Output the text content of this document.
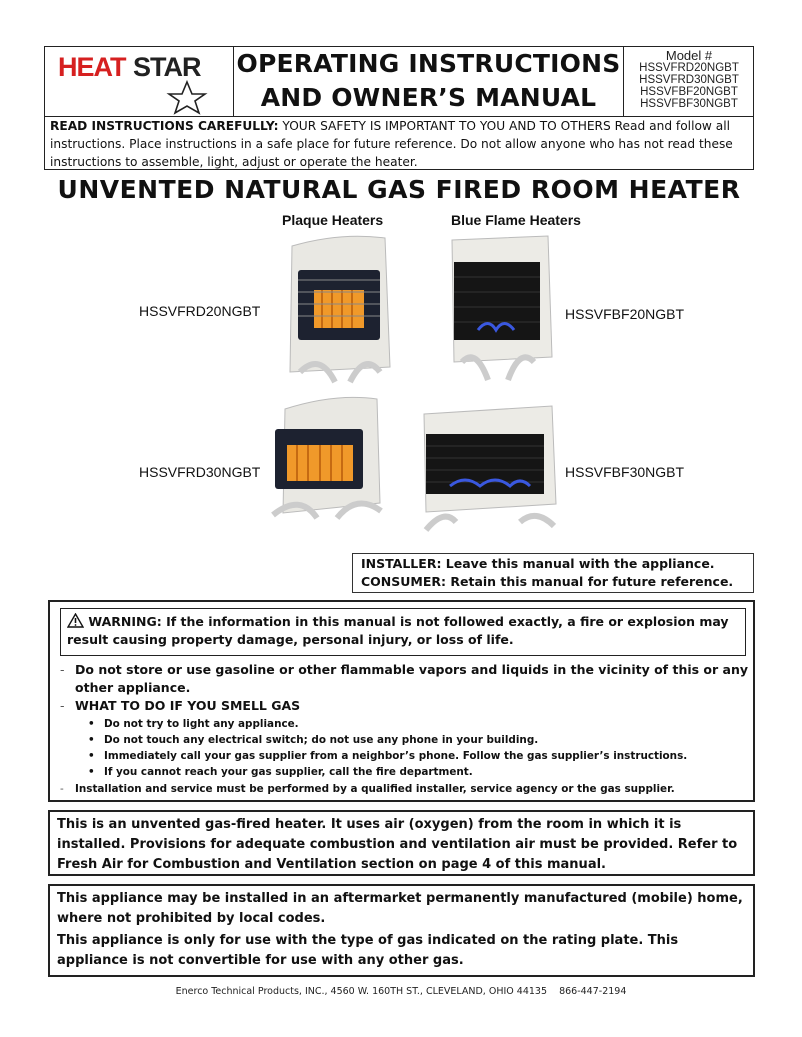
HEAT STAR OPERATING INSTRUCTIONS
AND OWNER’S MANUAL
Model #
HSSVFRD20NGBT
HSSVFRD30NGBT
HSSVFBF20NGBT
HSSVFBF30NGBT
READ INSTRUCTIONS CAREFULLY: YOUR SAFETY IS IMPORTANT TO YOU AND TO OTHERS Read and follow all instructions. Place instructions in a safe place for future reference. Do not allow anyone who has not read these instructions to assemble, light, adjust or operate the heater.
UNVENTED NATURAL GAS FIRED ROOM HEATER
Plaque Heaters	Blue Flame Heaters
HSSVFRD20NGBT	HSSVFBF20NGBT
HSSVFRD30NGBT	HSSVFBF30NGBT
INSTALLER: Leave this manual with the appliance.
CONSUMER: Retain this manual for future reference.
WARNING: If the information in this manual is not followed exactly, a fire or explosion may result causing property damage, personal injury, or loss of life.
- Do not store or use gasoline or other flammable vapors and liquids in the vicinity of this or any other appliance.
- WHAT TO DO IF YOU SMELL GAS
• Do not try to light any appliance.
• Do not touch any electrical switch; do not use any phone in your building.
• Immediately call your gas supplier from a neighbor’s phone. Follow the gas supplier’s instructions.
• If you cannot reach your gas supplier, call the fire department.
- Installation and service must be performed by a qualified installer, service agency or the gas supplier.
This is an unvented gas-fired heater. It uses air (oxygen) from the room in which it is installed. Provisions for adequate combustion and ventilation air must be provided. Refer to Fresh Air for Combustion and Ventilation section on page 4 of this manual.
This appliance may be installed in an aftermarket permanently manufactured (mobile) home, where not prohibited by local codes.
This appliance is only for use with the type of gas indicated on the rating plate. This appliance is not convertible for use with any other gas.
Enerco Technical Products, INC., 4560 W. 160TH ST., CLEVELAND, OHIO 44135    866-447-2194
